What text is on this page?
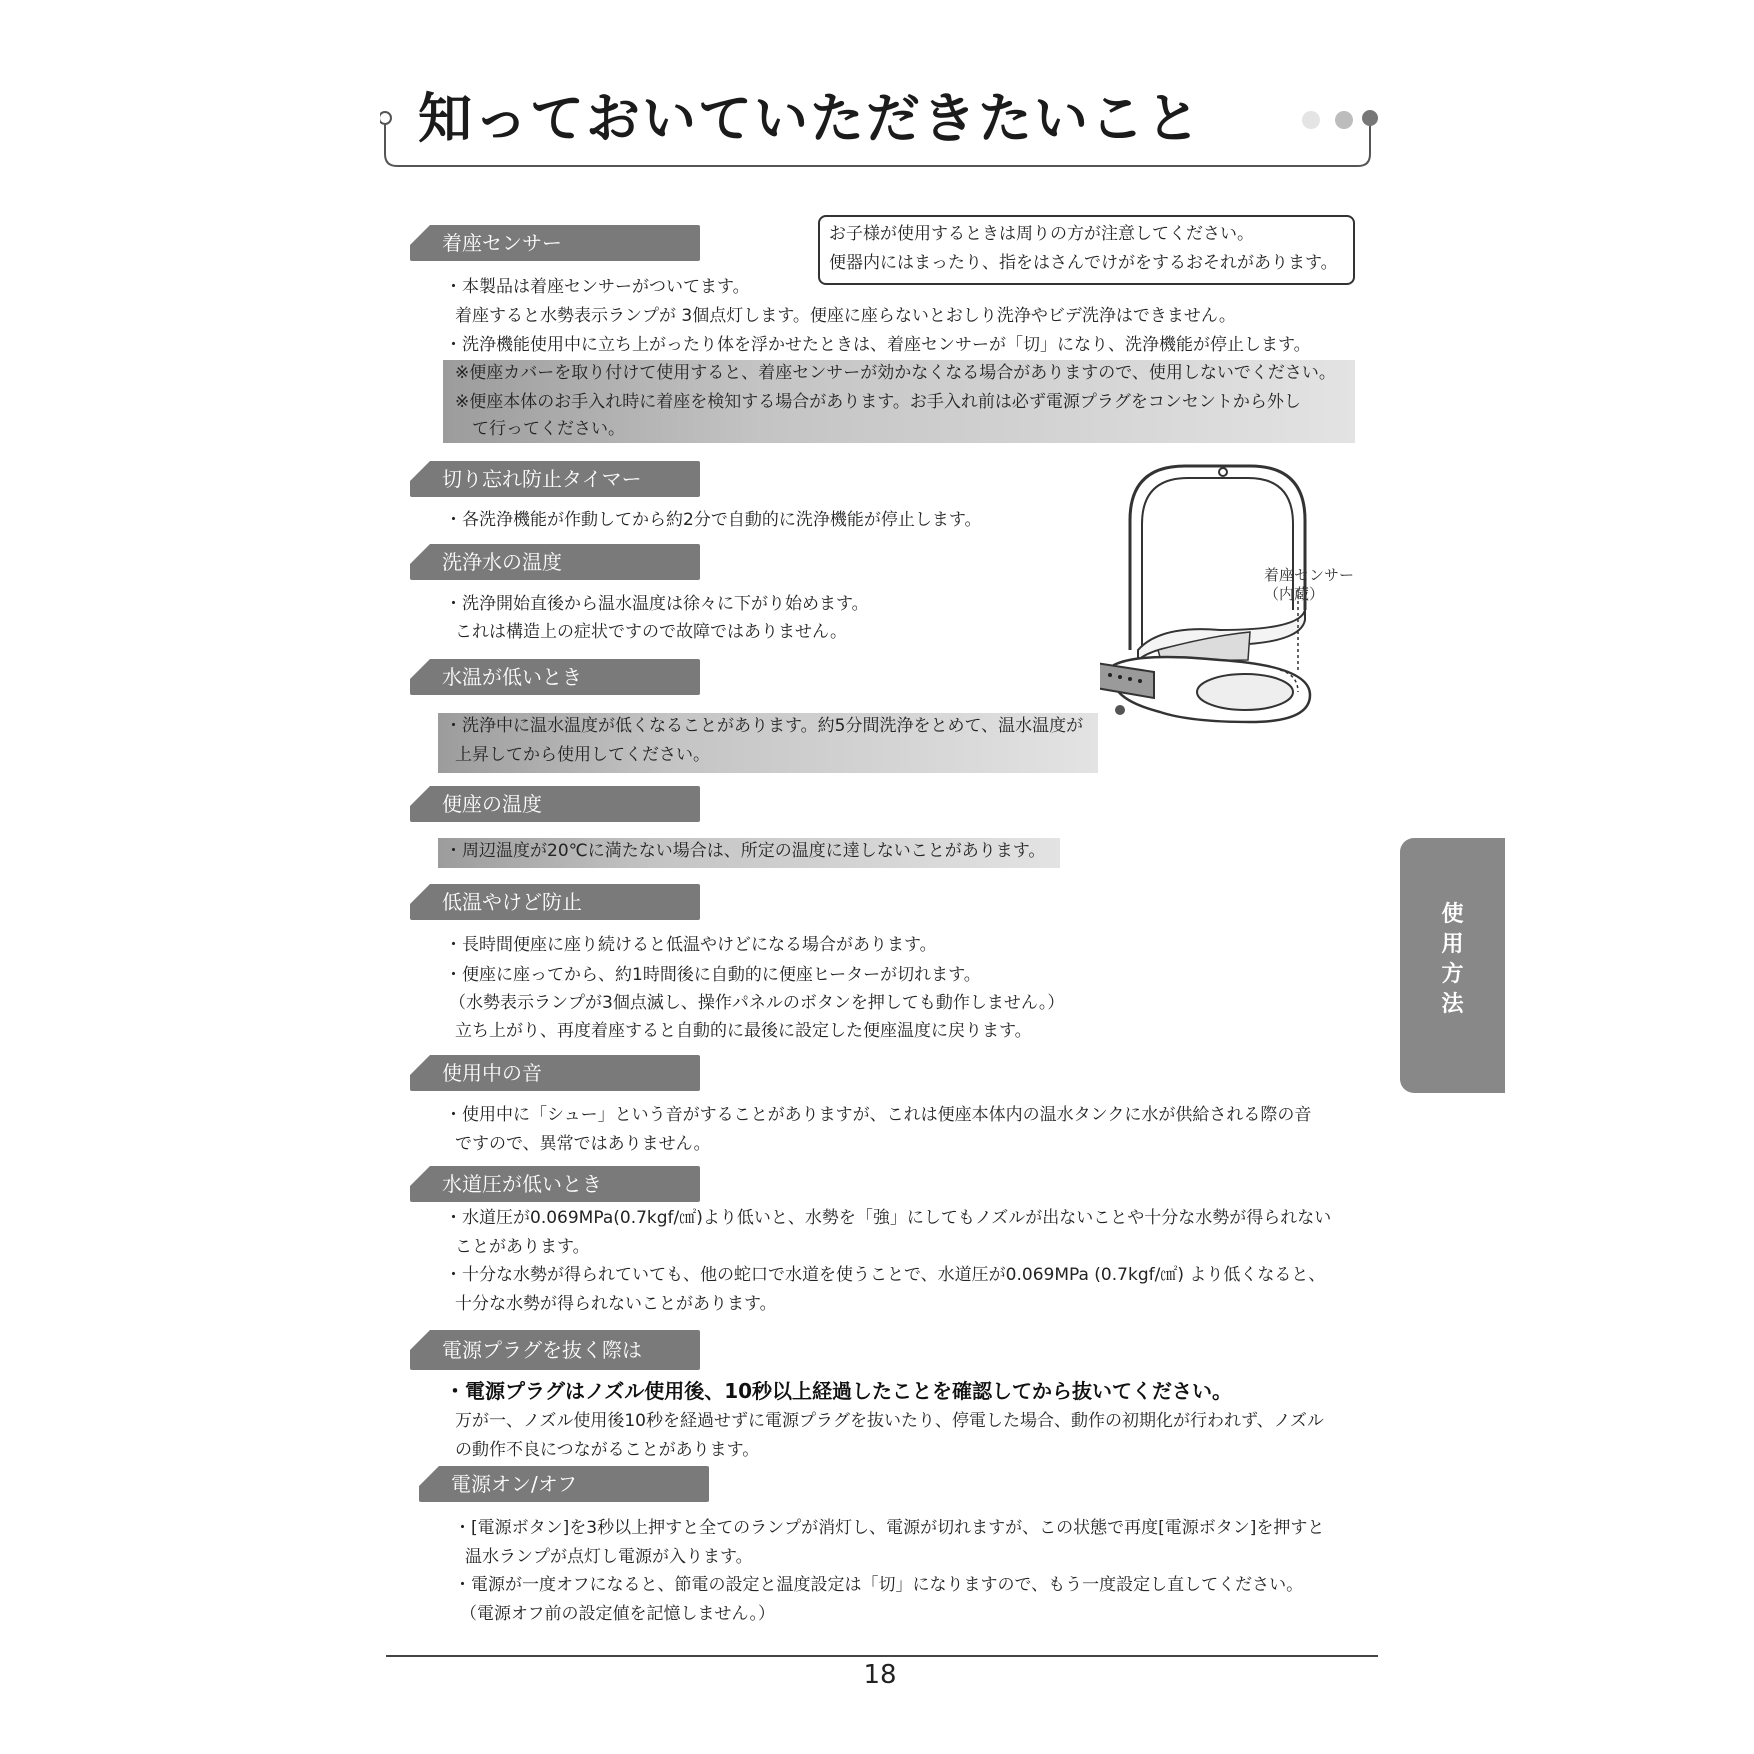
知っておいていただきたいこと
お子様が使用するときは周りの方が注意してください。
便器内にはまったり、指をはさんでけがをするおそれがあります。
着座センサー
・本製品は着座センサーがついてます。
着座すると水勢表示ランプが 3個点灯します。便座に座らないとおしり洗浄やビデ洗浄はできません。
・洗浄機能使用中に立ち上がったり体を浮かせたときは、着座センサーが「切」になり、洗浄機能が停止します。
※便座カバーを取り付けて使用すると、着座センサーが効かなくなる場合がありますので、使用しないでください。
※便座本体のお手入れ時に着座を検知する場合があります。お手入れ前は必ず電源プラグをコンセントから外し
て行ってください。
切り忘れ防止タイマー
・各洗浄機能が作動してから約2分で自動的に洗浄機能が停止します。
洗浄水の温度
・洗浄開始直後から温水温度は徐々に下がり始めます。
これは構造上の症状ですので故障ではありません。
水温が低いとき
・洗浄中に温水温度が低くなることがあります。約5分間洗浄をとめて、温水温度が
上昇してから使用してください。
着座センサー
（内蔵）
便座の温度
・周辺温度が20℃に満たない場合は、所定の温度に達しないことがあります。
低温やけど防止
・長時間便座に座り続けると低温やけどになる場合があります。
・便座に座ってから、約1時間後に自動的に便座ヒーターが切れます。
（水勢表示ランプが3個点滅し、操作パネルのボタンを押しても動作しません。）
立ち上がり、再度着座すると自動的に最後に設定した便座温度に戻ります。
使
用
方
法
使用中の音
・使用中に「シュー」という音がすることがありますが、これは便座本体内の温水タンクに水が供給される際の音
ですので、異常ではありません。
水道圧が低いとき
・水道圧が0.069MPa(0.7kgf/㎠)より低いと、水勢を「強」にしてもノズルが出ないことや十分な水勢が得られない
ことがあります。
・十分な水勢が得られていても、他の蛇口で水道を使うことで、水道圧が0.069MPa (0.7kgf/㎠) より低くなると、
十分な水勢が得られないことがあります。
電源プラグを抜く際は
・電源プラグはノズル使用後、10秒以上経過したことを確認してから抜いてください。
万が一、ノズル使用後10秒を経過せずに電源プラグを抜いたり、停電した場合、動作の初期化が行われず、ノズル
の動作不良につながることがあります。
電源オン/オフ
・[電源ボタン]を3秒以上押すと全てのランプが消灯し、電源が切れますが、この状態で再度[電源ボタン]を押すと
温水ランプが点灯し電源が入ります。
・電源が一度オフになると、節電の設定と温度設定は「切」になりますので、もう一度設定し直してください。
（電源オフ前の設定値を記憶しません。）
18
